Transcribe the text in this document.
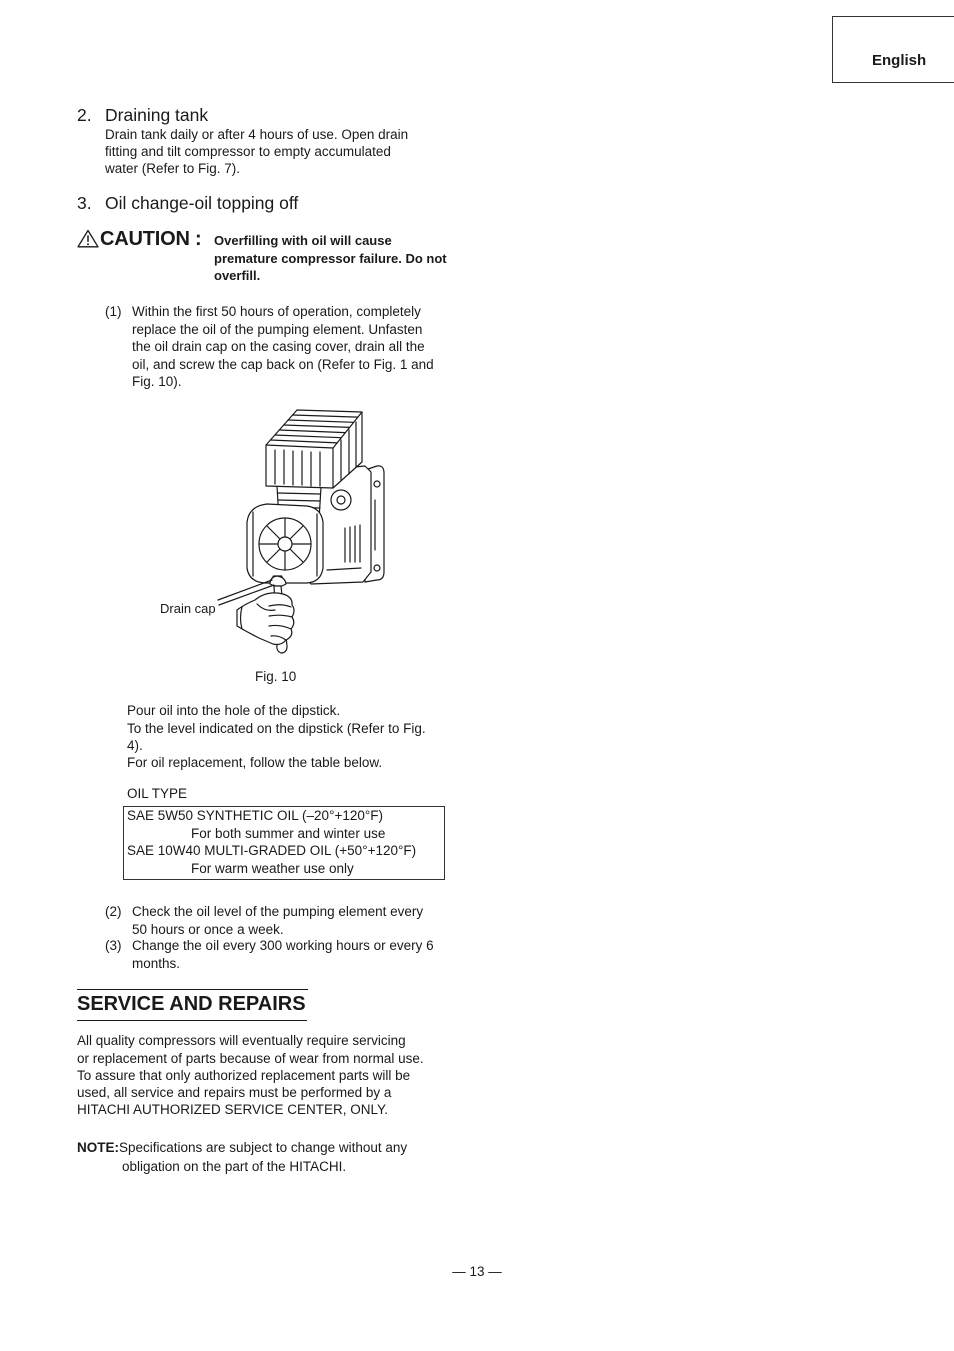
English
2. Draining tank
Drain tank daily or after 4 hours of use. Open drain
fitting and tilt compressor to empty accumulated
water (Refer to Fig. 7).
3. Oil change-oil topping off
CAUTION : Overfilling with oil will cause
premature compressor failure. Do not
overfill.
(1) Within the first 50 hours of operation, completely
replace the oil of the pumping element. Unfasten
the oil drain cap on the casing cover, drain all the
oil, and screw the cap back on (Refer to Fig. 1 and
Fig. 10).
Drain cap
Fig. 10
Pour oil into the hole of the dipstick.
To the level indicated on the dipstick (Refer to Fig.
4).
For oil replacement, follow the table below.
OIL TYPE
SAE 5W50 SYNTHETIC OIL (–20°+120°F)
For both summer and winter use
SAE 10W40 MULTI-GRADED OIL (+50°+120°F)
For warm weather use only
(2) Check the oil level of the pumping element every
50 hours or once a week.
(3) Change the oil every 300 working hours or every 6
months.
SERVICE AND REPAIRS
All quality compressors will eventually require servicing
or replacement of parts because of wear from normal use.
To assure that only authorized replacement parts will be
used, all service and repairs must be performed by a
HITACHI AUTHORIZED SERVICE CENTER, ONLY.
NOTE:Specifications are subject to change without any
obligation on the part of the HITACHI.
— 13 —
